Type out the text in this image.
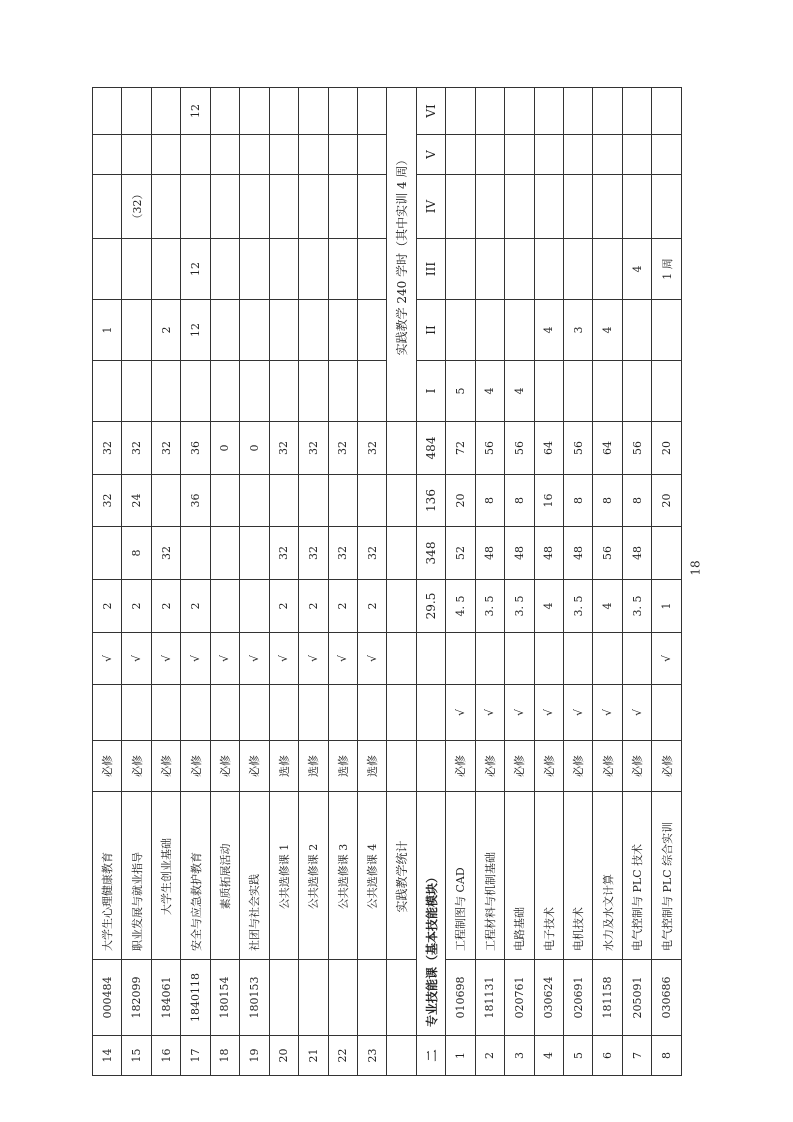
14	000484	大学生心理健康教育	必修		√	2		32	32		1				
15	182099	职业发展与就业指导	必修		√	2	8	24	32				（32）		
16	184061	大学生创业基础	必修		√	2	32		32		2				
17	1840118	安全与应急救护教育	必修		√	2		36	36		12	12			12
18	180154	素质拓展活动	必修		√				0						
19	180153	社团与社会实践	必修		√				0						
20		公共选修课 1	选修		√	2	32		32						
21		公共选修课 2	选修		√	2	32		32						
22		公共选修课 3	选修		√	2	32		32						
23		公共选修课 4	选修		√	2	32		32						
		实践教学统计								实践教学 240 学时（其中实训 4 周）					
二	专业技能课（基本技能模块）					29.5	348	136	484	I	II	III	IV	V	VI
1	010698	工程制图与 CAD	必修	√		4. 5	52	20	72	5					
2	181131	工程材料与机制基础	必修	√		3. 5	48	8	56	4					
3	020761	电路基础	必修	√		3. 5	48	8	56	4					
4	030624	电子技术	必修	√		4	48	16	64		4				
5	020691	电机技术	必修	√		3. 5	48	8	56		3				
6	181158	水力及水文计算	必修	√		4	56	8	64		4				
7	205091	电气控制与 PLC 技术	必修	√		3. 5	48	8	56			4			
8	030686	电气控制与 PLC 综合实训	必修		√	1		20	20			1 周			
18
